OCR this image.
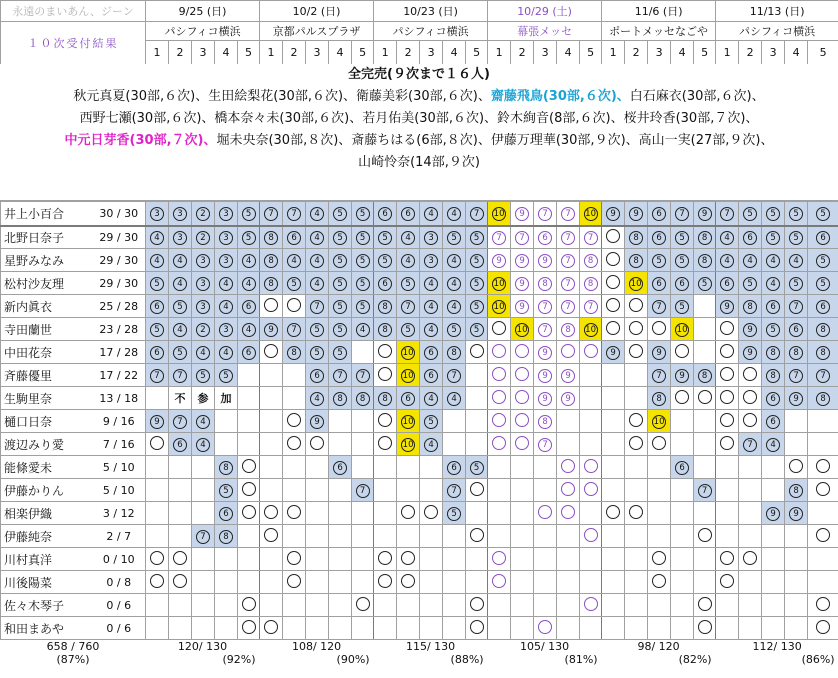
永遠のまいあん、ジーン		9/25 (日)					10/2 (日)					10/23 (日)					10/29 (土)					11/6 (日)					11/13 (日)				
１０次受付結果		パシフィコ横浜					京都パルスプラザ					パシフィコ横浜					幕張メッセ					ポートメッセなごや					パシフィコ横浜				
		1	2	3	4	5	1	2	3	4	5	1	2	3	4	5	1	2	3	4	5	1	2	3	4	5	1	2	3	4	5

井上小百合	30 / 30	3	3	2	3	5	7	7	4	5	5	6	6	4	4	7	10	9	7	7	10	9	9	6	7	9	7	5	5	5	5
北野日奈子	29 / 30	4	3	2	3	5	8	6	4	5	5	5	4	3	5	5	7	7	6	7	7		8	6	5	8	4	6	5	5	6
星野みなみ	29 / 30	4	4	3	3	4	8	4	4	5	5	5	4	3	4	5	9	9	9	7	8		8	5	5	8	4	4	4	4	5
松村沙友理	29 / 30	5	4	3	4	4	8	5	4	5	5	6	5	4	4	5	10	9	8	7	8		10	6	6	5	6	5	4	5	5
新内眞衣	25 / 28	6	5	3	4	6			7	5	5	8	7	4	4	5	10	9	7	7	7			7	5		9	8	6	7	6
寺田蘭世	23 / 28	5	4	2	3	4	9	7	5	5	4	8	5	4	5	5		10	7	8	10				10			9	5	6	8
中田花奈	17 / 28	6	5	4	4	6		8	5	5			10	6	8				9			9		9				9	8	8	8
斉藤優里	17 / 22	7	7	5	5				6	7	7		10	6	7				9	9				7	9	8			8	7	7
生駒里奈	13 / 18		不	参	加				4	8	8	8	6	4	4				9	9				8					6	9	8
樋口日奈	9 / 16	9	7	4					9				10	5					8					10					6		
渡辺みり愛	7 / 16		6	4									10	4					7									7	4		
能條愛未	5 / 10				8					6					6	5									6						
伊藤かりん	5 / 10				5						7				7											7				8	
相楽伊織	3 / 12				6										5														9	9	
伊藤純奈	2 / 7			7	8																										
川村真洋	0 / 10																														
川後陽菜	0 / 8																														
佐々木琴子	0 / 6																														
和田まあや	0 / 6																														
658 / 760		120/ 130					108/ 120					115/ 130					105/ 130					98/ 120					112/ 130				
(87%)		(92%)					(90%)					(88%)					(81%)					(82%)					(86%)				

全完売(９次まで１６人)

秋元真夏(30部,６次)、生田絵梨花(30部,６次)、衛藤美彩(30部,６次)、齋藤飛鳥(30部,６次)、白石麻衣(30部,６次)、

西野七瀬(30部,６次)、橋本奈々未(30部,６次)、若月佑美(30部,６次)、鈴木絢音(8部,６次)、桜井玲香(30部,７次)、

中元日芽香(30部,７次)、堀未央奈(30部,８次)、斎藤ちはる(6部,８次)、伊藤万理華(30部,９次)、高山一実(27部,９次)、

山崎怜奈(14部,９次)
